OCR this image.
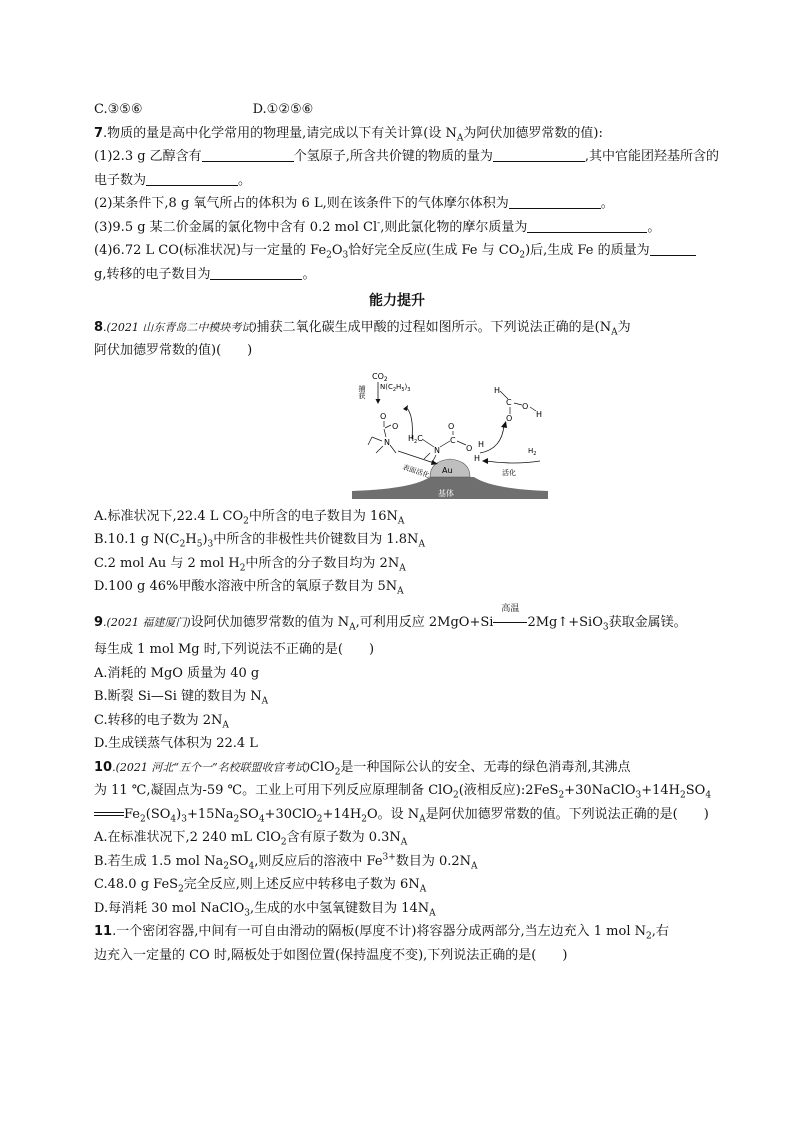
C.③⑤⑥	D.①②⑤⑥
7.物质的量是高中化学常用的物理量,请完成以下有关计算(设 $N_A$为阿伏加德罗常数的值):
(1)2.3 g 乙醇含有	个氢原子,所含共价键的物质的量为	,其中官能团羟基所含的
电子数为	。
(2)某条件下,8 g 氧气所占的体积为 6 L,则在该条件下的气体摩尔体积为	。
(3)9.5 g 某二价金属的氯化物中含有 0.2 mol Cl-,则此氯化物的摩尔质量为	。
(4)6.72 L CO(标准状况)与一定量的 $Fe_2O_3$恰好完全反应(生成 Fe 与 $CO_2$)后,生成 Fe 的质量为
g,转移的电子数目为	。
能力提升
8.(2021 山东青岛二中模块考试)捕获二氧化碳生成甲酸的过程如图所示。下列说法正确的是($N_A$为
阿伏加德罗常数的值)(　　)
基体
Au
$CO_2$
$N(C_2H_5)_3$
捕获
O
O
N
表面活化
$H_2C$
N
C
O
O H
H
H
C
O
O
H
$H_2$
活化
A.标准状况下,22.4 L $CO_2$中所含的电子数目为 $16N_A$
B.10.1 g $N(C_2H_5)_3$中所含的非极性共价键数目为 $1.8N_A$
C.2 mol Au 与 2 mol $H_2$中所含的分子数目均为 $2N_A$
D.100 g 46%甲酸水溶液中所含的氧原子数目为 $5N_A$
9.(2021 福建厦门)设阿伏加德罗常数的值为 $N_A$,可利用反应 2MgO+Si
高温
2Mg↑+SiO$_3$获取金属镁。
每生成 1 mol Mg 时,下列说法不正确的是(　　)
A.消耗的 MgO 质量为 40 g
B.断裂 Si—Si 键的数目为 $N_A$
C.转移的电子数为 $2N_A$
D.生成镁蒸气体积为 22.4 L
10.(2021 河北“五个一”名校联盟收官考试)ClO$_2$是一种国际公认的安全、无毒的绿色消毒剂,其沸点
为 11 ℃,凝固点为-59 ℃。工业上可用下列反应原理制备 ClO$_2$(液相反应)$:2FeS_2+30NaClO_3+14H_2SO_4$
$Fe_2(SO_4)_3+15Na_2SO_4+30ClO_2+14H_2O$。设 $N_A$是阿伏加德罗常数的值。下列说法正确的是(　　)
A.在标准状况下,2 240 mL ClO$_2$含有原子数为 $0.3N_A$
B.若生成 1.5 mol $Na_2SO_4$,则反应后的溶液中 $Fe^{3+}$数目为 $0.2N_A$
C.48.0 g FeS$_2$完全反应,则上述反应中转移电子数为 $6N_A$
D.每消耗 30 mol NaClO$_3$,生成的水中氢氧键数目为 $14N_A$
11.一个密闭容器,中间有一可自由滑动的隔板(厚度不计)将容器分成两部分,当左边充入 1 mol $N_2$,右
边充入一定量的 CO 时,隔板处于如图位置(保持温度不变),下列说法正确的是(　　)
